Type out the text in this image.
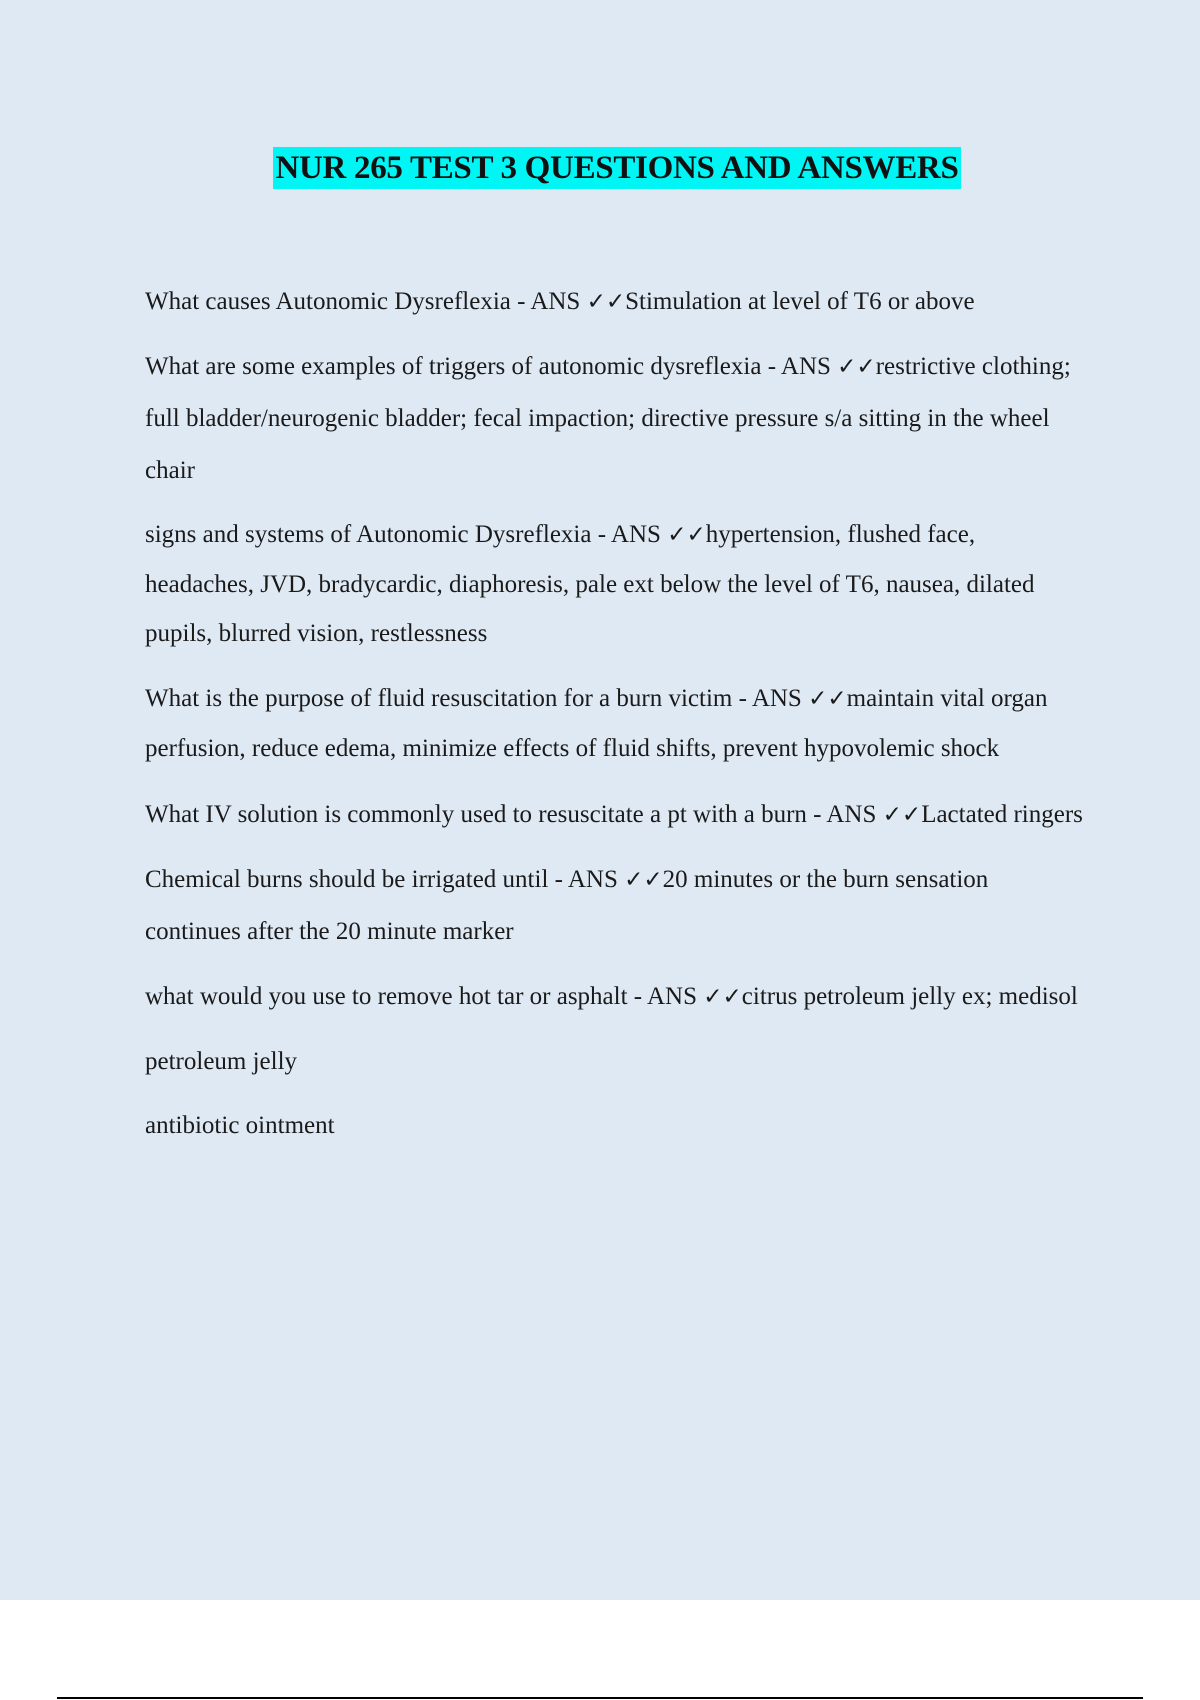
NUR 265 TEST 3 QUESTIONS AND ANSWERS

What causes Autonomic Dysreflexia - ANS ✓✓Stimulation at level of T6 or above

What are some examples of triggers of autonomic dysreflexia - ANS ✓✓restrictive clothing; full bladder/neurogenic bladder; fecal impaction; directive pressure s/a sitting in the wheel chair

signs and systems of Autonomic Dysreflexia - ANS ✓✓hypertension, flushed face, headaches, JVD, bradycardic, diaphoresis, pale ext below the level of T6, nausea, dilated pupils, blurred vision, restlessness

What is the purpose of fluid resuscitation for a burn victim - ANS ✓✓maintain vital organ perfusion, reduce edema, minimize effects of fluid shifts, prevent hypovolemic shock

What IV solution is commonly used to resuscitate a pt with a burn - ANS ✓✓Lactated ringers

Chemical burns should be irrigated until - ANS ✓✓20 minutes or the burn sensation continues after the 20 minute marker

what would you use to remove hot tar or asphalt - ANS ✓✓citrus petroleum jelly ex; medisol

petroleum jelly

antibiotic ointment
